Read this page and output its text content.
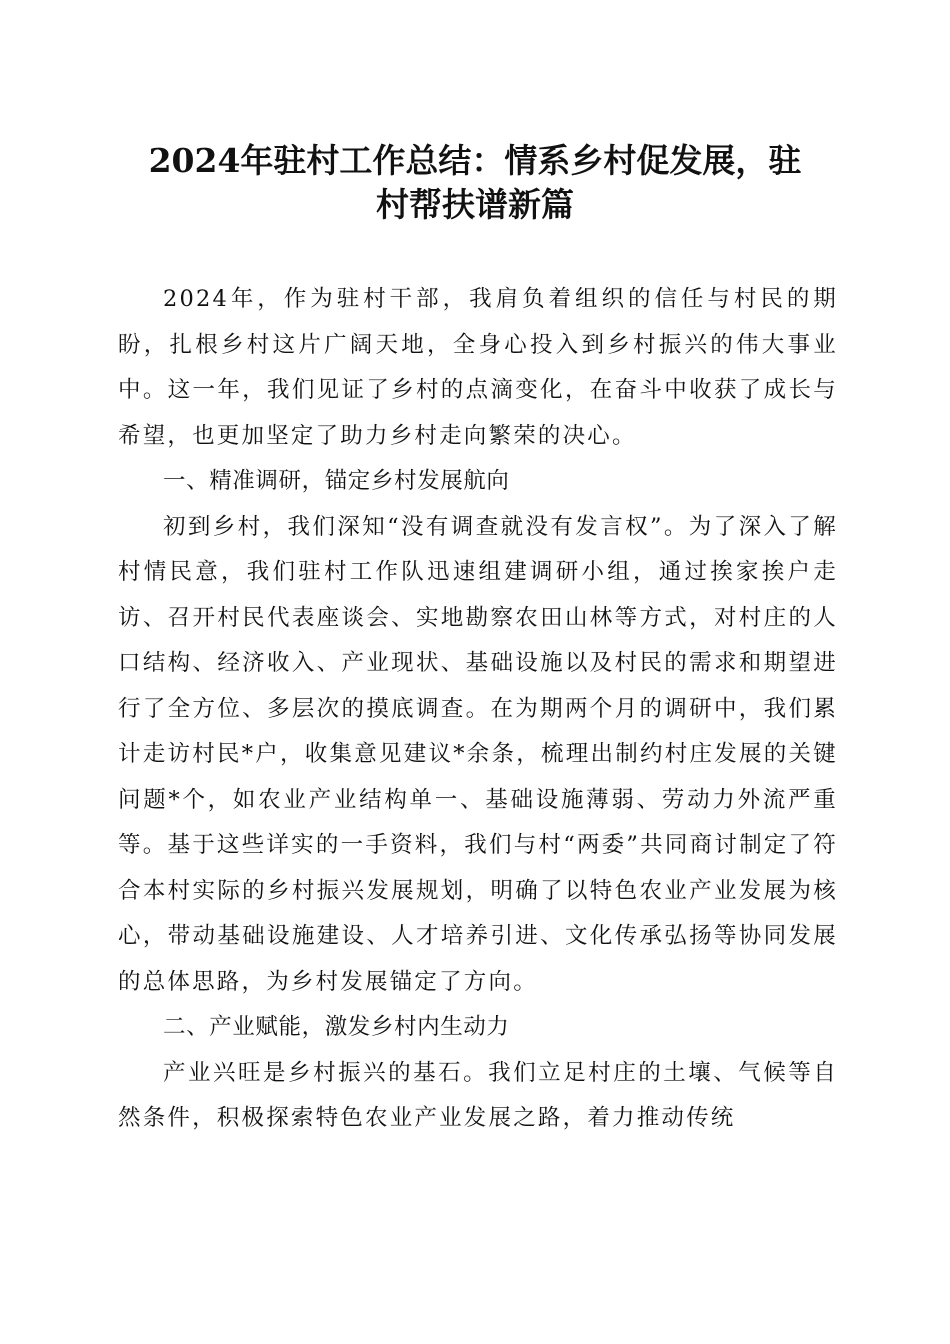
2024年驻村工作总结：情系乡村促发展，驻
村帮扶谱新篇

2024年，作为驻村干部，我肩负着组织的信任与村民的期盼，扎根乡村这片广阔天地，全身心投入到乡村振兴的伟大事业中。这一年，我们见证了乡村的点滴变化，在奋斗中收获了成长与希望，也更加坚定了助力乡村走向繁荣的决心。

一、精准调研，锚定乡村发展航向

初到乡村，我们深知“没有调查就没有发言权”。为了深入了解村情民意，我们驻村工作队迅速组建调研小组，通过挨家挨户走访、召开村民代表座谈会、实地勘察农田山林等方式，对村庄的人口结构、经济收入、产业现状、基础设施以及村民的需求和期望进行了全方位、多层次的摸底调查。在为期两个月的调研中，我们累计走访村民*户，收集意见建议*余条，梳理出制约村庄发展的关键问题*个，如农业产业结构单一、基础设施薄弱、劳动力外流严重等。基于这些详实的一手资料，我们与村“两委”共同商讨制定了符合本村实际的乡村振兴发展规划，明确了以特色农业产业发展为核心，带动基础设施建设、人才培养引进、文化传承弘扬等协同发展的总体思路，为乡村发展锚定了方向。

二、产业赋能，激发乡村内生动力

产业兴旺是乡村振兴的基石。我们立足村庄的土壤、气候等自然条件，积极探索特色农业产业发展之路，着力推动传统
